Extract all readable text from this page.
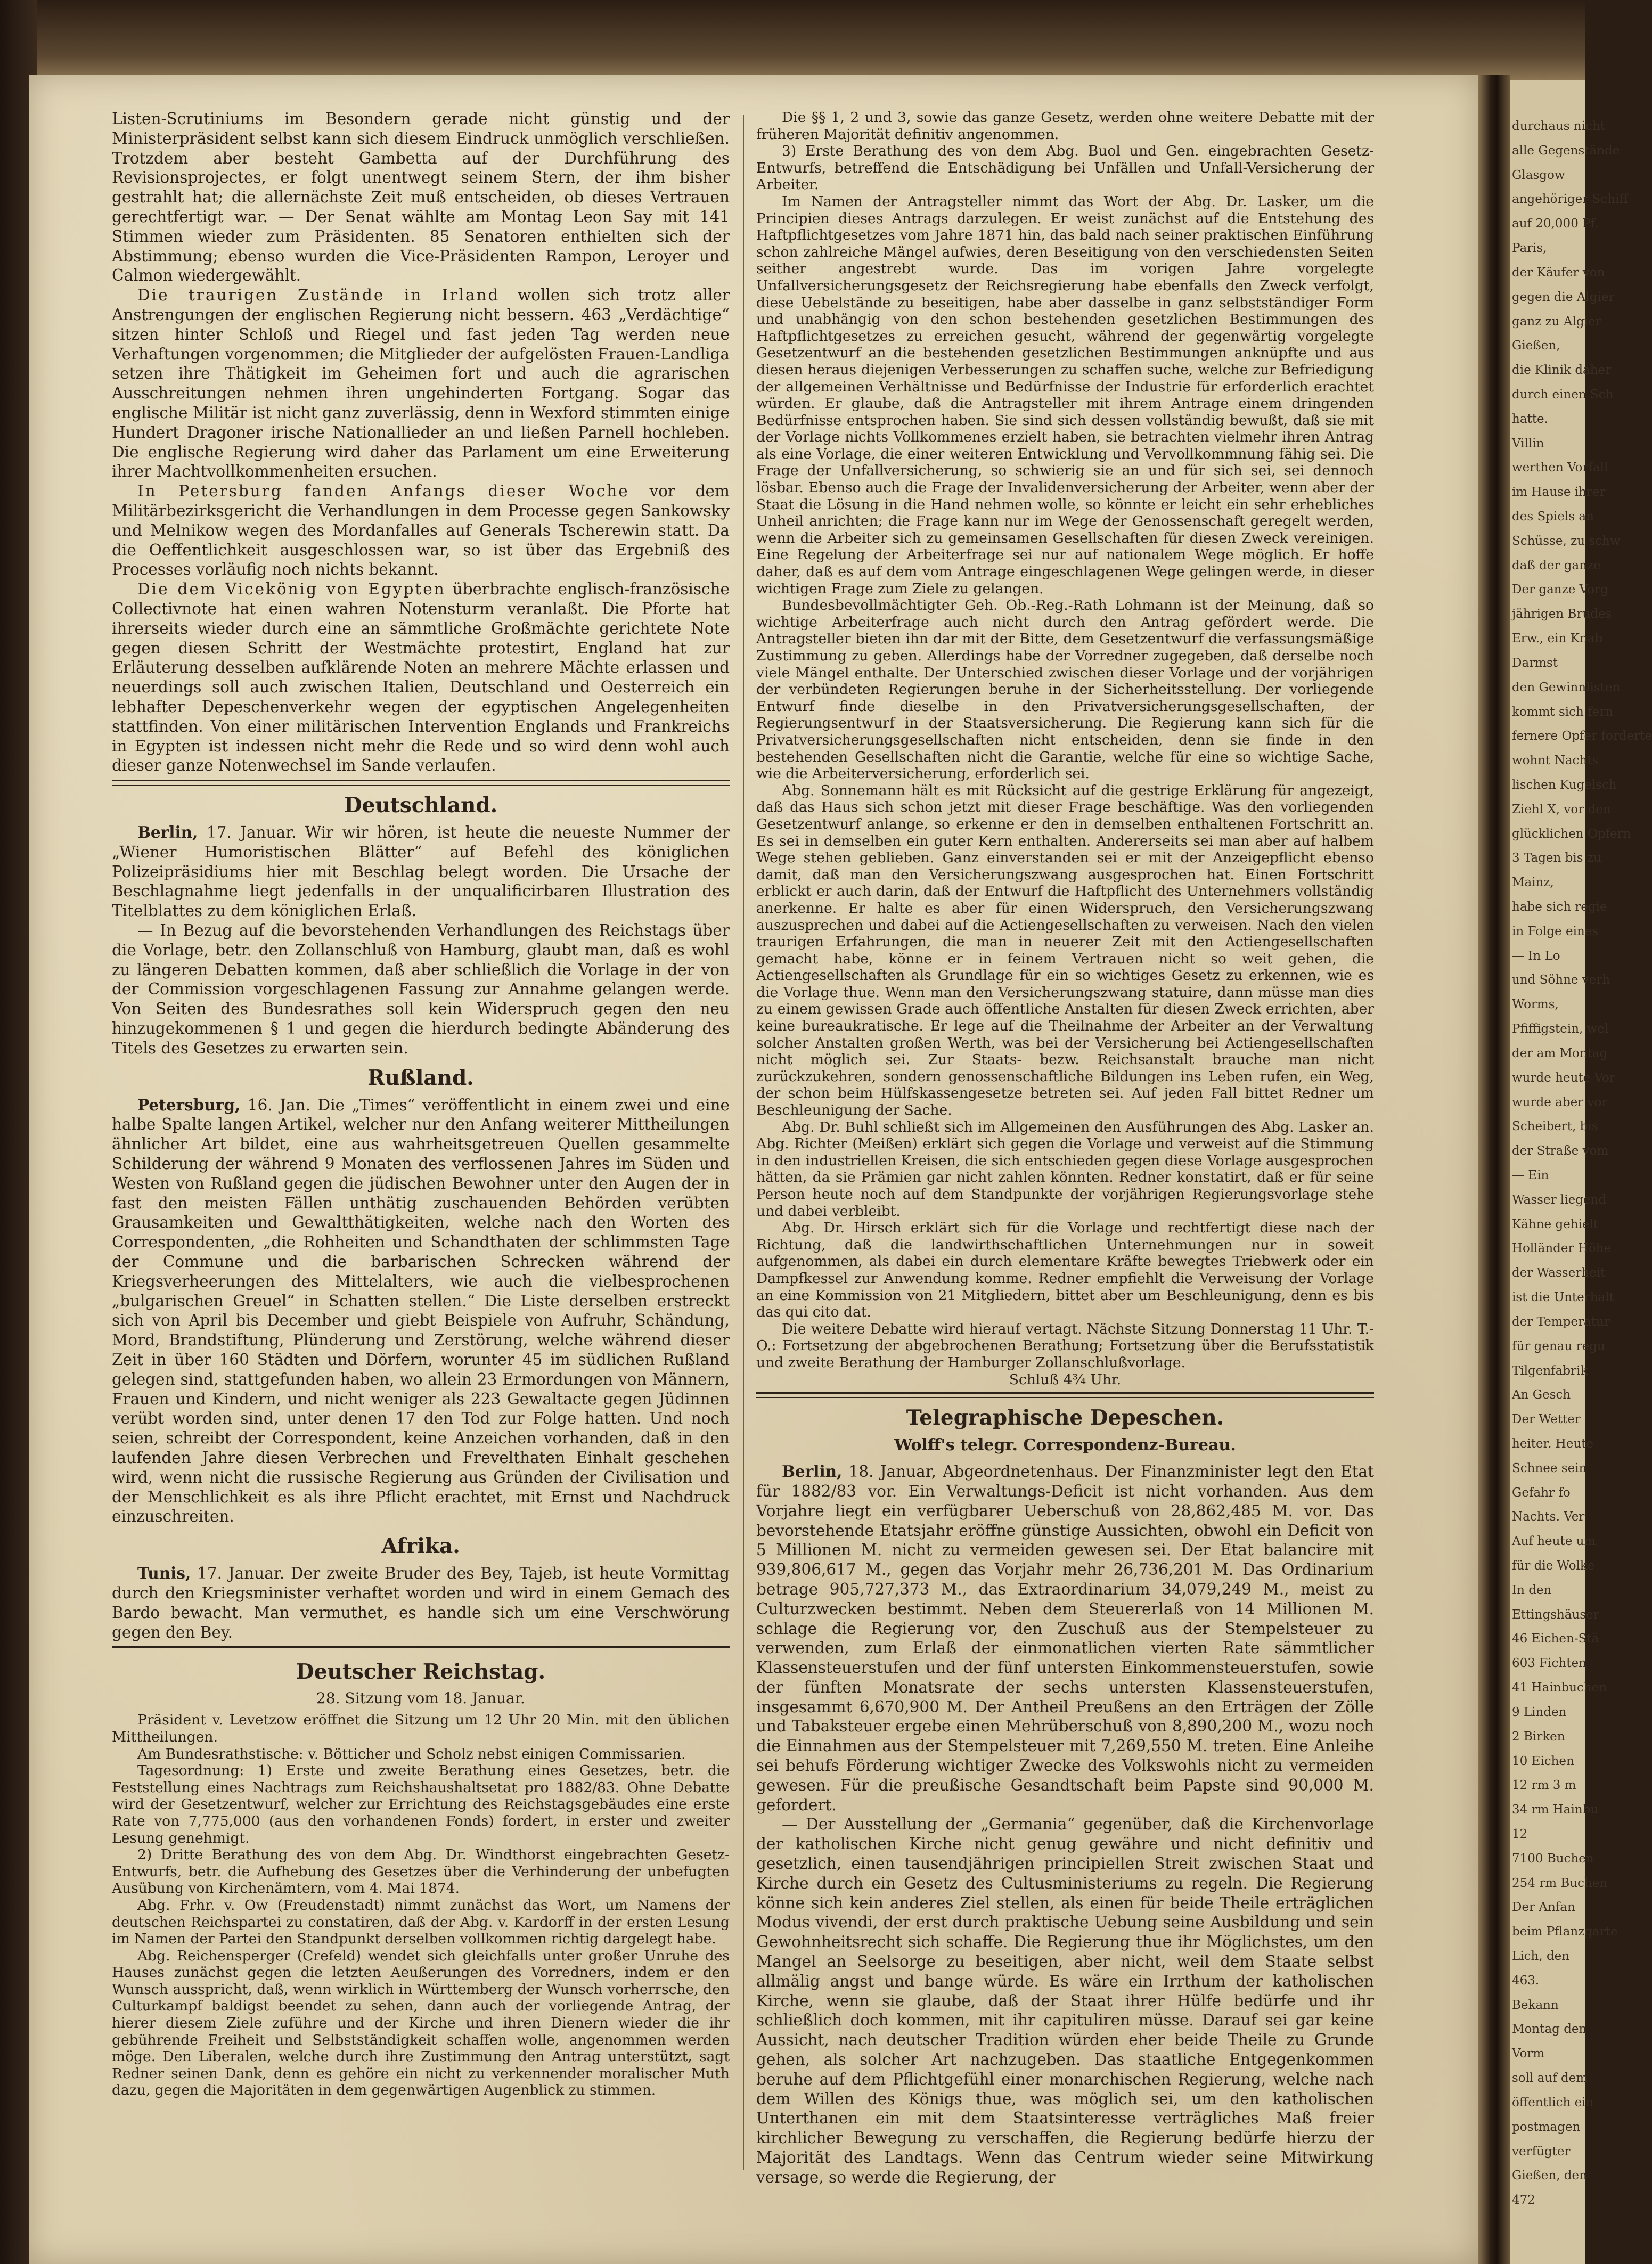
Listen-Scrutiniums im Besondern gerade nicht günstig und der Ministerpräsident selbst kann sich diesem Eindruck unmöglich verschließen. Trotzdem aber besteht Gambetta auf der Durchführung des Revisionsprojectes, er folgt unentwegt seinem Stern, der ihm bisher gestrahlt hat; die allernächste Zeit muß entscheiden, ob dieses Vertrauen gerechtfertigt war. — Der Senat wählte am Montag Leon Say mit 141 Stimmen wieder zum Präsidenten. 85 Senatoren enthielten sich der Abstimmung; ebenso wurden die Vice-Präsidenten Rampon, Leroyer und Calmon wiedergewählt.

Die traurigen Zustände in Irland wollen sich trotz aller Anstrengungen der englischen Regierung nicht bessern. 463 „Verdächtige“ sitzen hinter Schloß und Riegel und fast jeden Tag werden neue Verhaftungen vorgenommen; die Mitglieder der aufgelösten Frauen-Landliga setzen ihre Thätigkeit im Geheimen fort und auch die agrarischen Ausschreitungen nehmen ihren ungehinderten Fortgang. Sogar das englische Militär ist nicht ganz zuverlässig, denn in Wexford stimmten einige Hundert Dragoner irische Nationallieder an und ließen Parnell hochleben. Die englische Regierung wird daher das Parlament um eine Erweiterung ihrer Machtvollkommenheiten ersuchen.

In Petersburg fanden Anfangs dieser Woche vor dem Militärbezirksgericht die Verhandlungen in dem Processe gegen Sankowsky und Melnikow wegen des Mordanfalles auf Generals Tscherewin statt. Da die Oeffentlichkeit ausgeschlossen war, so ist über das Ergebniß des Processes vorläufig noch nichts bekannt.

Die dem Vicekönig von Egypten überbrachte englisch-französische Collectivnote hat einen wahren Notensturm veranlaßt. Die Pforte hat ihrerseits wieder durch eine an sämmtliche Großmächte gerichtete Note gegen diesen Schritt der Westmächte protestirt, England hat zur Erläuterung desselben aufklärende Noten an mehrere Mächte erlassen und neuerdings soll auch zwischen Italien, Deutschland und Oesterreich ein lebhafter Depeschenverkehr wegen der egyptischen Angelegenheiten stattfinden. Von einer militärischen Intervention Englands und Frankreichs in Egypten ist indessen nicht mehr die Rede und so wird denn wohl auch dieser ganze Notenwechsel im Sande verlaufen.

Deutschland.

Berlin, 17. Januar. Wir wir hören, ist heute die neueste Nummer der „Wiener Humoristischen Blätter“ auf Befehl des königlichen Polizeipräsidiums hier mit Beschlag belegt worden. Die Ursache der Beschlagnahme liegt jedenfalls in der unqualificirbaren Illustration des Titelblattes zu dem königlichen Erlaß.

— In Bezug auf die bevorstehenden Verhandlungen des Reichstags über die Vorlage, betr. den Zollanschluß von Hamburg, glaubt man, daß es wohl zu längeren Debatten kommen, daß aber schließlich die Vorlage in der von der Commission vorgeschlagenen Fassung zur Annahme gelangen werde. Von Seiten des Bundesrathes soll kein Widerspruch gegen den neu hinzugekommenen § 1 und gegen die hierdurch bedingte Abänderung des Titels des Gesetzes zu erwarten sein.

Rußland.

Petersburg, 16. Jan. Die „Times“ veröffentlicht in einem zwei und eine halbe Spalte langen Artikel, welcher nur den Anfang weiterer Mittheilungen ähnlicher Art bildet, eine aus wahrheitsgetreuen Quellen gesammelte Schilderung der während 9 Monaten des verflossenen Jahres im Süden und Westen von Rußland gegen die jüdischen Bewohner unter den Augen der in fast den meisten Fällen unthätig zuschauenden Behörden verübten Grausamkeiten und Gewaltthätigkeiten, welche nach den Worten des Correspondenten, „die Rohheiten und Schandthaten der schlimmsten Tage der Commune und die barbarischen Schrecken während der Kriegsverheerungen des Mittelalters, wie auch die vielbesprochenen „bulgarischen Greuel“ in Schatten stellen.“ Die Liste derselben erstreckt sich von April bis December und giebt Beispiele von Aufruhr, Schändung, Mord, Brandstiftung, Plünderung und Zerstörung, welche während dieser Zeit in über 160 Städten und Dörfern, worunter 45 im südlichen Rußland gelegen sind, stattgefunden haben, wo allein 23 Ermordungen von Männern, Frauen und Kindern, und nicht weniger als 223 Gewaltacte gegen Jüdinnen verübt worden sind, unter denen 17 den Tod zur Folge hatten. Und noch seien, schreibt der Correspondent, keine Anzeichen vorhanden, daß in den laufenden Jahre diesen Verbrechen und Frevelthaten Einhalt geschehen wird, wenn nicht die russische Regierung aus Gründen der Civilisation und der Menschlichkeit es als ihre Pflicht erachtet, mit Ernst und Nachdruck einzuschreiten.

Afrika.

Tunis, 17. Januar. Der zweite Bruder des Bey, Tajeb, ist heute Vormittag durch den Kriegsminister verhaftet worden und wird in einem Gemach des Bardo bewacht. Man vermuthet, es handle sich um eine Verschwörung gegen den Bey.

Deutscher Reichstag.
28. Sitzung vom 18. Januar.

Präsident v. Levetzow eröffnet die Sitzung um 12 Uhr 20 Min. mit den üblichen Mittheilungen.

Am Bundesrathstische: v. Bötticher und Scholz nebst einigen Commissarien.

Tagesordnung: 1) Erste und zweite Berathung eines Gesetzes, betr. die Feststellung eines Nachtrags zum Reichshaushaltsetat pro 1882/83. Ohne Debatte wird der Gesetzentwurf, welcher zur Errichtung des Reichstagsgebäudes eine erste Rate von 7,775,000 (aus den vorhandenen Fonds) fordert, in erster und zweiter Lesung genehmigt.

2) Dritte Berathung des von dem Abg. Dr. Windthorst eingebrachten Gesetz-Entwurfs, betr. die Aufhebung des Gesetzes über die Verhinderung der unbefugten Ausübung von Kirchenämtern, vom 4. Mai 1874.

Abg. Frhr. v. Ow (Freudenstadt) nimmt zunächst das Wort, um Namens der deutschen Reichspartei zu constatiren, daß der Abg. v. Kardorff in der ersten Lesung im Namen der Partei den Standpunkt derselben vollkommen richtig dargelegt habe.

Abg. Reichensperger (Crefeld) wendet sich gleichfalls unter großer Unruhe des Hauses zunächst gegen die letzten Aeußerungen des Vorredners, indem er den Wunsch ausspricht, daß, wenn wirklich in Württemberg der Wunsch vorherrsche, den Culturkampf baldigst beendet zu sehen, dann auch der vorliegende Antrag, der hierer diesem Ziele zuführe und der Kirche und ihren Dienern wieder die ihr gebührende Freiheit und Selbstständigkeit schaffen wolle, angenommen werden möge. Den Liberalen, welche durch ihre Zustimmung den Antrag unterstützt, sagt Redner seinen Dank, denn es gehöre ein nicht zu verkennender moralischer Muth dazu, gegen die Majoritäten in dem gegenwärtigen Augenblick zu stimmen.

Die §§ 1, 2 und 3, sowie das ganze Gesetz, werden ohne weitere Debatte mit der früheren Majorität definitiv angenommen.

3) Erste Berathung des von dem Abg. Buol und Gen. eingebrachten Gesetz-Entwurfs, betreffend die Entschädigung bei Unfällen und Unfall-Versicherung der Arbeiter.

Im Namen der Antragsteller nimmt das Wort der Abg. Dr. Lasker, um die Principien dieses Antrags darzulegen. Er weist zunächst auf die Entstehung des Haftpflichtgesetzes vom Jahre 1871 hin, das bald nach seiner praktischen Einführung schon zahlreiche Mängel aufwies, deren Beseitigung von den verschiedensten Seiten seither angestrebt wurde. Das im vorigen Jahre vorgelegte Unfallversicherungsgesetz der Reichsregierung habe ebenfalls den Zweck verfolgt, diese Uebelstände zu beseitigen, habe aber dasselbe in ganz selbstständiger Form und unabhängig von den schon bestehenden gesetzlichen Bestimmungen des Haftpflichtgesetzes zu erreichen gesucht, während der gegenwärtig vorgelegte Gesetzentwurf an die bestehenden gesetzlichen Bestimmungen anknüpfte und aus diesen heraus diejenigen Verbesserungen zu schaffen suche, welche zur Befriedigung der allgemeinen Verhältnisse und Bedürfnisse der Industrie für erforderlich erachtet würden. Er glaube, daß die Antragsteller mit ihrem Antrage einem dringenden Bedürfnisse entsprochen haben. Sie sind sich dessen vollständig bewußt, daß sie mit der Vorlage nichts Vollkommenes erzielt haben, sie betrachten vielmehr ihren Antrag als eine Vorlage, die einer weiteren Entwicklung und Vervollkommnung fähig sei. Die Frage der Unfallversicherung, so schwierig sie an und für sich sei, sei dennoch lösbar. Ebenso auch die Frage der Invalidenversicherung der Arbeiter, wenn aber der Staat die Lösung in die Hand nehmen wolle, so könnte er leicht ein sehr erhebliches Unheil anrichten; die Frage kann nur im Wege der Genossenschaft geregelt werden, wenn die Arbeiter sich zu gemeinsamen Gesellschaften für diesen Zweck vereinigen. Eine Regelung der Arbeiterfrage sei nur auf nationalem Wege möglich. Er hoffe daher, daß es auf dem vom Antrage eingeschlagenen Wege gelingen werde, in dieser wichtigen Frage zum Ziele zu gelangen.

Bundesbevollmächtigter Geh. Ob.-Reg.-Rath Lohmann ist der Meinung, daß so wichtige Arbeiterfrage auch nicht durch den Antrag gefördert werde. Die Antragsteller bieten ihn dar mit der Bitte, dem Gesetzentwurf die verfassungsmäßige Zustimmung zu geben. Allerdings habe der Vorredner zugegeben, daß derselbe noch viele Mängel enthalte. Der Unterschied zwischen dieser Vorlage und der vorjährigen der verbündeten Regierungen beruhe in der Sicherheitsstellung. Der vorliegende Entwurf finde dieselbe in den Privatversicherungsgesellschaften, der Regierungsentwurf in der Staatsversicherung. Die Regierung kann sich für die Privatversicherungsgesellschaften nicht entscheiden, denn sie finde in den bestehenden Gesellschaften nicht die Garantie, welche für eine so wichtige Sache, wie die Arbeiterversicherung, erforderlich sei.

Abg. Sonnemann hält es mit Rücksicht auf die gestrige Erklärung für angezeigt, daß das Haus sich schon jetzt mit dieser Frage beschäftige. Was den vorliegenden Gesetzentwurf anlange, so erkenne er den in demselben enthaltenen Fortschritt an. Es sei in demselben ein guter Kern enthalten. Andererseits sei man aber auf halbem Wege stehen geblieben. Ganz einverstanden sei er mit der Anzeigepflicht ebenso damit, daß man den Versicherungszwang ausgesprochen hat. Einen Fortschritt erblickt er auch darin, daß der Entwurf die Haftpflicht des Unternehmers vollständig anerkenne. Er halte es aber für einen Widerspruch, den Versicherungszwang auszusprechen und dabei auf die Actiengesellschaften zu verweisen. Nach den vielen traurigen Erfahrungen, die man in neuerer Zeit mit den Actiengesellschaften gemacht habe, könne er in feinem Vertrauen nicht so weit gehen, die Actiengesellschaften als Grundlage für ein so wichtiges Gesetz zu erkennen, wie es die Vorlage thue. Wenn man den Versicherungszwang statuire, dann müsse man dies zu einem gewissen Grade auch öffentliche Anstalten für diesen Zweck errichten, aber keine bureaukratische. Er lege auf die Theilnahme der Arbeiter an der Verwaltung solcher Anstalten großen Werth, was bei der Versicherung bei Actiengesellschaften nicht möglich sei. Zur Staats- bezw. Reichsanstalt brauche man nicht zurückzukehren, sondern genossenschaftliche Bildungen ins Leben rufen, ein Weg, der schon beim Hülfskassengesetze betreten sei. Auf jeden Fall bittet Redner um Beschleunigung der Sache.

Abg. Dr. Buhl schließt sich im Allgemeinen den Ausführungen des Abg. Lasker an. Abg. Richter (Meißen) erklärt sich gegen die Vorlage und verweist auf die Stimmung in den industriellen Kreisen, die sich entschieden gegen diese Vorlage ausgesprochen hätten, da sie Prämien gar nicht zahlen könnten. Redner konstatirt, daß er für seine Person heute noch auf dem Standpunkte der vorjährigen Regierungsvorlage stehe und dabei verbleibt.

Abg. Dr. Hirsch erklärt sich für die Vorlage und rechtfertigt diese nach der Richtung, daß die landwirthschaftlichen Unternehmungen nur in soweit aufgenommen, als dabei ein durch elementare Kräfte bewegtes Triebwerk oder ein Dampfkessel zur Anwendung komme. Redner empfiehlt die Verweisung der Vorlage an eine Kommission von 21 Mitgliedern, bittet aber um Beschleunigung, denn es bis das qui cito dat.

Die weitere Debatte wird hierauf vertagt. Nächste Sitzung Donnerstag 11 Uhr. T.-O.: Fortsetzung der abgebrochenen Berathung; Fortsetzung über die Berufsstatistik und zweite Berathung der Hamburger Zollanschlußvorlage.

Schluß 4¾ Uhr.

Telegraphische Depeschen.
Wolff's telegr. Correspondenz-Bureau.

Berlin, 18. Januar, Abgeordnetenhaus. Der Finanzminister legt den Etat für 1882/83 vor. Ein Verwaltungs-Deficit ist nicht vorhanden. Aus dem Vorjahre liegt ein verfügbarer Ueberschuß von 28,862,485 M. vor. Das bevorstehende Etatsjahr eröffne günstige Aussichten, obwohl ein Deficit von 5 Millionen M. nicht zu vermeiden gewesen sei. Der Etat balancire mit 939,806,617 M., gegen das Vorjahr mehr 26,736,201 M. Das Ordinarium betrage 905,727,373 M., das Extraordinarium 34,079,249 M., meist zu Culturzwecken bestimmt. Neben dem Steuererlaß von 14 Millionen M. schlage die Regierung vor, den Zuschuß aus der Stempelsteuer zu verwenden, zum Erlaß der einmonatlichen vierten Rate sämmtlicher Klassensteuerstufen und der fünf untersten Einkommensteuerstufen, sowie der fünften Monatsrate der sechs untersten Klassensteuerstufen, insgesammt 6,670,900 M. Der Antheil Preußens an den Erträgen der Zölle und Tabaksteuer ergebe einen Mehrüberschuß von 8,890,200 M., wozu noch die Einnahmen aus der Stempelsteuer mit 7,269,550 M. treten. Eine Anleihe sei behufs Förderung wichtiger Zwecke des Volkswohls nicht zu vermeiden gewesen. Für die preußische Gesandtschaft beim Papste sind 90,000 M. gefordert.

— Der Ausstellung der „Germania“ gegenüber, daß die Kirchenvorlage der katholischen Kirche nicht genug gewähre und nicht definitiv und gesetzlich, einen tausendjährigen principiellen Streit zwischen Staat und Kirche durch ein Gesetz des Cultusministeriums zu regeln. Die Regierung könne sich kein anderes Ziel stellen, als einen für beide Theile erträglichen Modus vivendi, der erst durch praktische Uebung seine Ausbildung und sein Gewohnheitsrecht sich schaffe. Die Regierung thue ihr Möglichstes, um den Mangel an Seelsorge zu beseitigen, aber nicht, weil dem Staate selbst allmälig angst und bange würde. Es wäre ein Irrthum der katholischen Kirche, wenn sie glaube, daß der Staat ihrer Hülfe bedürfe und ihr schließlich doch kommen, mit ihr capituliren müsse. Darauf sei gar keine Aussicht, nach deutscher Tradition würden eher beide Theile zu Grunde gehen, als solcher Art nachzugeben. Das staatliche Entgegenkommen beruhe auf dem Pflichtgefühl einer monarchischen Regierung, welche nach dem Willen des Königs thue, was möglich sei, um den katholischen Unterthanen ein mit dem Staatsinteresse verträgliches Maß freier kirchlicher Bewegung zu verschaffen, die Regierung bedürfe hierzu der Majorität des Landtags. Wenn das Centrum wieder seine Mitwirkung versage, so werde die Regierung, der

durchaus nicht
alle Gegenstände
Glasgow
angehöriger Schiff
auf 20,000 Pf.
Paris,
der Käufer von
gegen die Algier
ganz zu Algier
Gießen,
die Klinik daher
durch einen Sch
hatte.
Villin
werthen Vorfall
im Hause ihrer
des Spiels an
Schüsse, zu schw
daß der ganze
Der ganze Vorg
jährigen Brudes
Erw., ein Knab
Darmst
den Gewinnlisten
kommt sich fern
fernere Opfer forderte
wohnt Nachts
lischen Kugelsch
Ziehl X, vor den
glücklichen Opfern
3 Tagen bis zu
Mainz,
habe sich regie
in Folge eines
— In Lo
und Söhne verh
Worms,
Pfiffigstein, wel
der am Montag
wurde heute Vor
wurde aber vor
Scheibert, bis
der Straße vom
— Ein
Wasser liegend
Kähne gehielt
Holländer Höhe
der Wasserheit
ist die Unterhalt
der Temperatur
für genau regu
Tilgenfabrik
An Gesch
Der Wetter
heiter. Heute
Schnee sein
Gefahr fo
Nachts. Ver
Auf heute um
für die Wolke
In den
Ettingshäuser
46 Eichen-Stä
603 Fichten
41 Hainbuchen
9 Linden
2 Birken
10 Eichen
12 rm 3 m
34 rm Hainbu
12
7100 Buchen
254 rm Buchen
Der Anfan
beim Pflanzgarte
Lich, den
463.
Bekann
Montag den
Vorm
soll auf dem
öffentlich ein
postmagen
verfügter
Gießen, den
472
